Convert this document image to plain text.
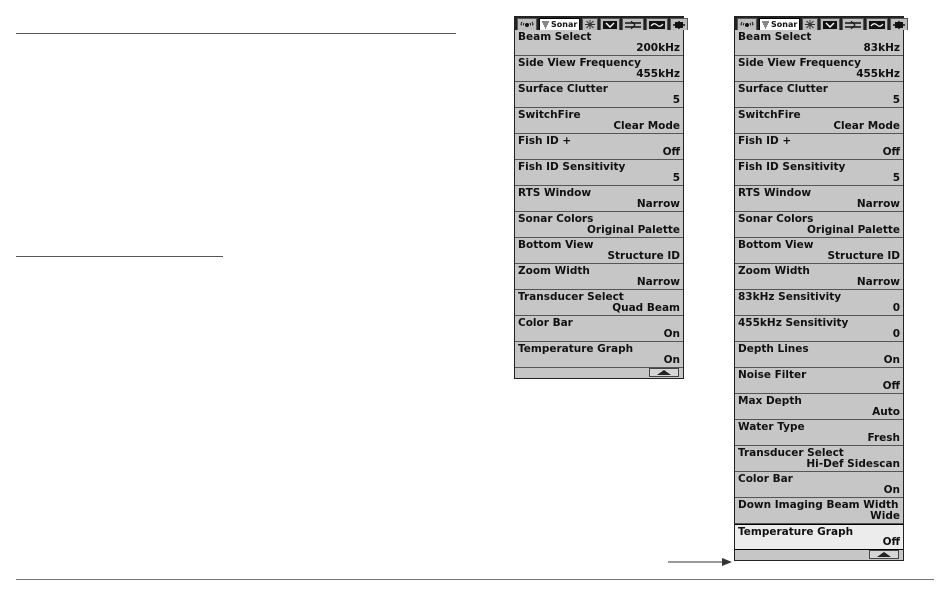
Sonar
Beam Select
200kHz
Side View Frequency
455kHz
Surface Clutter
5
SwitchFire
Clear Mode
Fish ID +
Off
Fish ID Sensitivity
5
RTS Window
Narrow
Sonar Colors
Original Palette
Bottom View
Structure ID
Zoom Width
Narrow
Transducer Select
Quad Beam
Color Bar
On
Temperature Graph
On
Sonar
Beam Select
83kHz
Side View Frequency
455kHz
Surface Clutter
5
SwitchFire
Clear Mode
Fish ID +
Off
Fish ID Sensitivity
5
RTS Window
Narrow
Sonar Colors
Original Palette
Bottom View
Structure ID
Zoom Width
Narrow
83kHz Sensitivity
0
455kHz Sensitivity
0
Depth Lines
On
Noise Filter
Off
Max Depth
Auto
Water Type
Fresh
Transducer Select
Hi-Def Sidescan
Color Bar
On
Down Imaging Beam Width
Wide
Temperature Graph
Off
